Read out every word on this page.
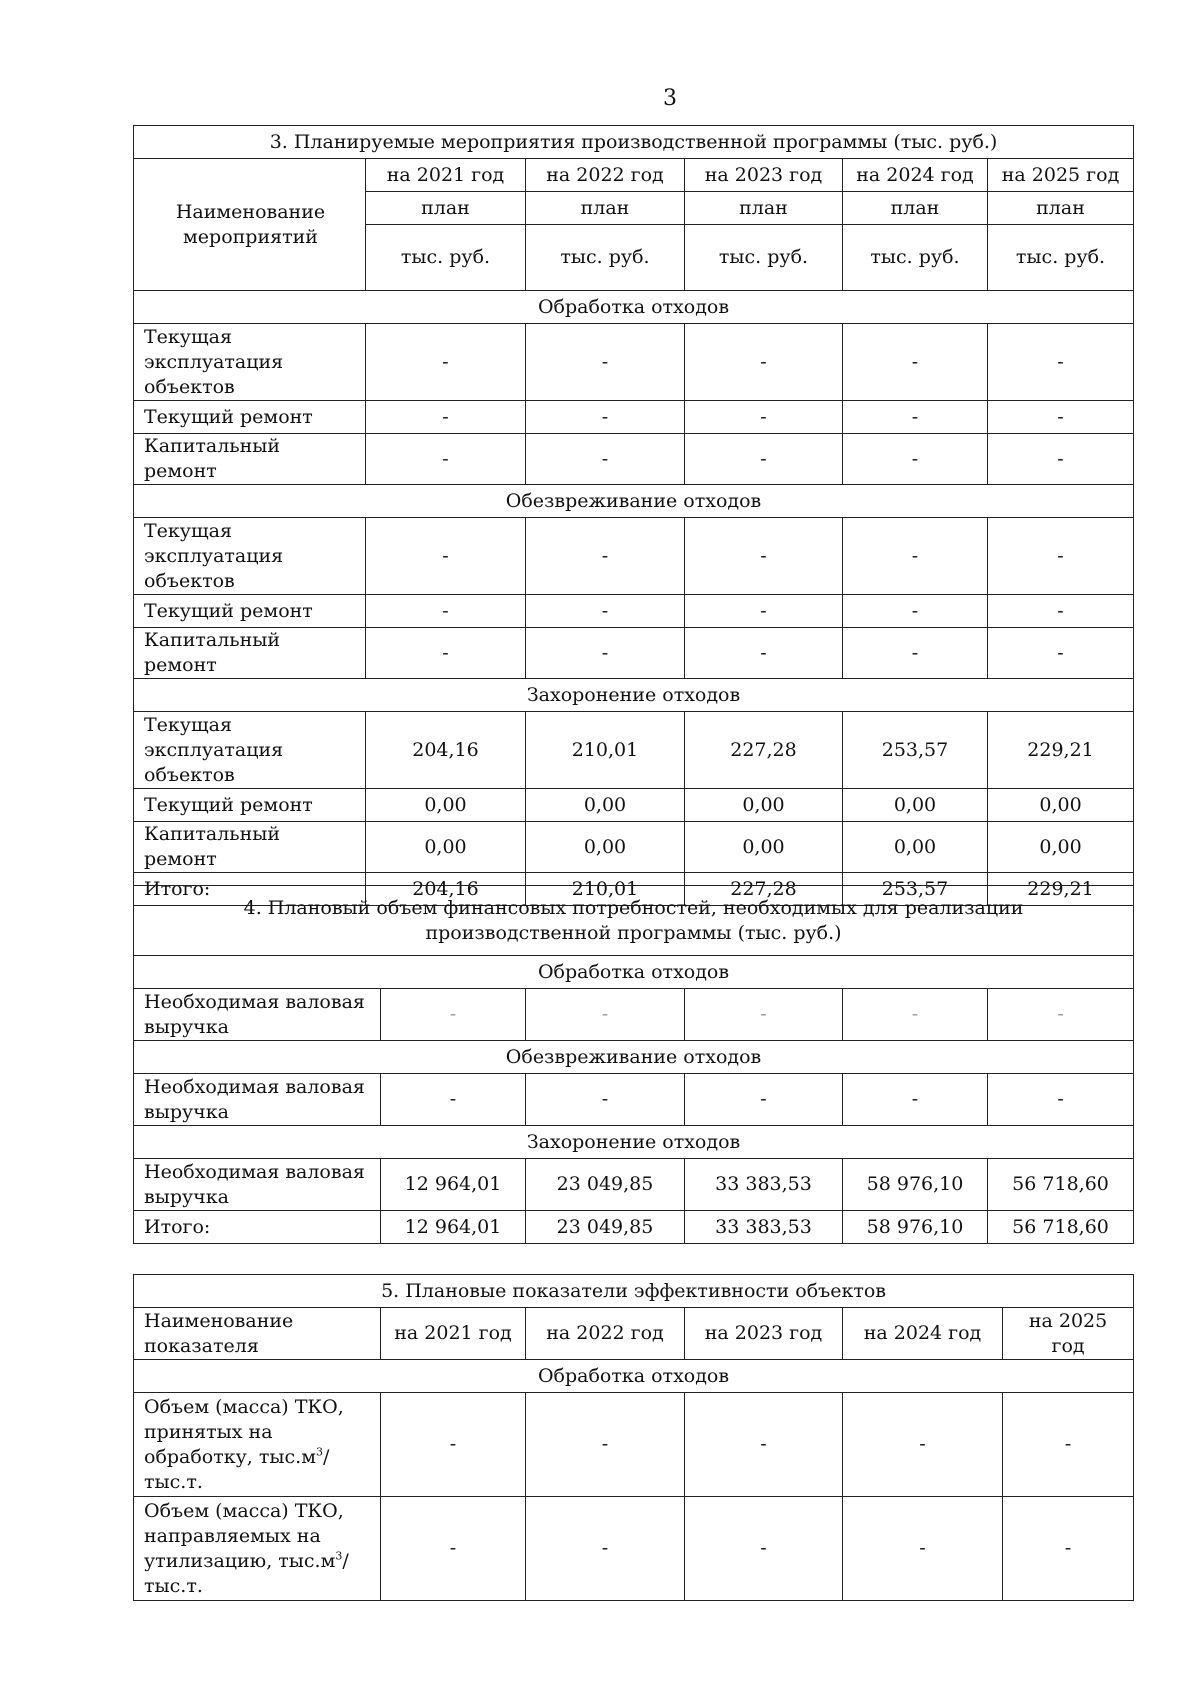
3
3. Планируемые мероприятия производственной программы (тыс. руб.)					
Наименование мероприятий	на 2021 год	на 2022 год	на 2023 год	на 2024 год	на 2025 год
	план	план	план	план	план
	тыс. руб.	тыс. руб.	тыс. руб.	тыс. руб.	тыс. руб.
Обработка отходов					
Текущая эксплуатация объектов	-	-	-	-	-
Текущий ремонт	-	-	-	-	-
Капитальный ремонт	-	-	-	-	-
Обезвреживание отходов					
Текущая эксплуатация объектов	-	-	-	-	-
Текущий ремонт	-	-	-	-	-
Капитальный ремонт	-	-	-	-	-
Захоронение отходов					
Текущая эксплуатация объектов	204,16	210,01	227,28	253,57	229,21
Текущий ремонт	0,00	0,00	0,00	0,00	0,00
Капитальный ремонт	0,00	0,00	0,00	0,00	0,00
Итого:	204,16	210,01	227,28	253,57	229,21
4. Плановый объем финансовых потребностей, необходимых для реализации производственной программы (тыс. руб.)					
Обработка отходов					
Необходимая валовая выручка	-	-	-	-	-
Обезвреживание отходов					
Необходимая валовая выручка	-	-	-	-	-
Захоронение отходов					
Необходимая валовая выручка	12 964,01	23 049,85	33 383,53	58 976,10	56 718,60
Итого:	12 964,01	23 049,85	33 383,53	58 976,10	56 718,60
5. Плановые показатели эффективности объектов					
Наименование показателя	на 2021 год	на 2022 год	на 2023 год	на 2024 год	на 2025 год
Обработка отходов					
Объем (масса) ТКО, принятых на обработку, $тыс.м^3/тыс.т$.	-	-	-	-	-
Объем (масса) ТКО, направляемых на утилизацию, $тыс.м^3/тыс.т$.	-	-	-	-	-
